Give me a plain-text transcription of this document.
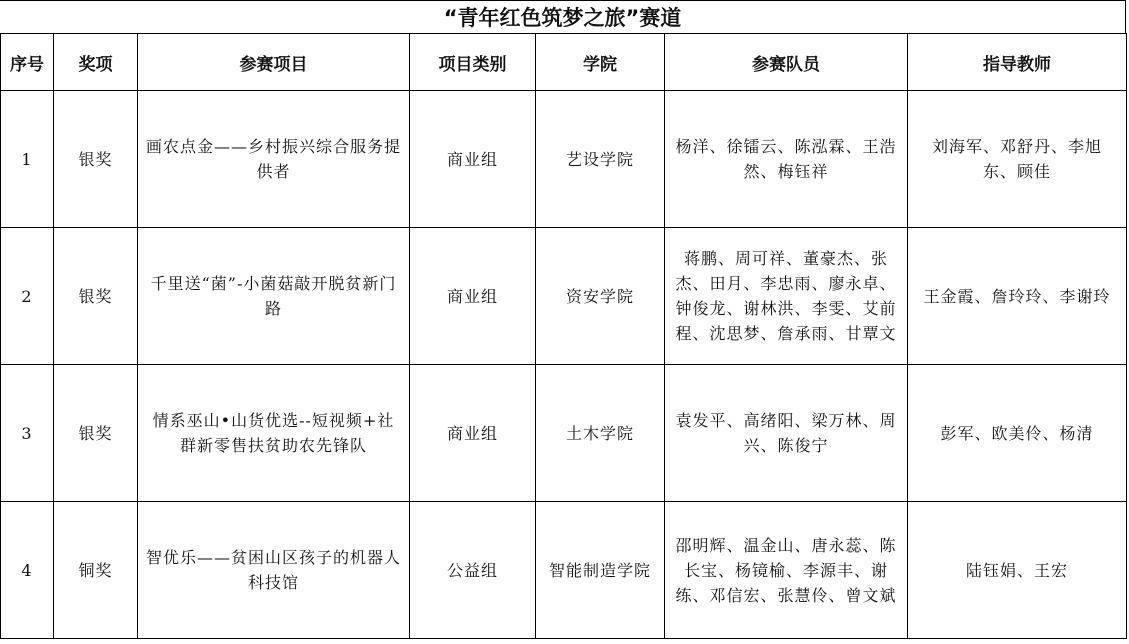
“青年红色筑梦之旅”赛道
序号	奖项	参赛项目	项目类别	学院	参赛队员	指导教师
1	银奖	画农点金——乡村振兴综合服务提供者	商业组	艺设学院	杨洋、徐镭云、陈泓霖、王浩然、梅钰祥	刘海军、邓舒丹、李旭东、顾佳
2	银奖	千里送“菌”-小菌菇敲开脱贫新门路	商业组	资安学院	蒋鹏、周可祥、董豪杰、张杰、田月、李忠雨、廖永卓、钟俊龙、谢林洪、李雯、艾前程、沈思梦、詹承雨、甘覃文	王金霞、詹玲玲、李谢玲
3	银奖	情系巫山•山货优选--短视频+社群新零售扶贫助农先锋队	商业组	土木学院	袁发平、高绪阳、梁万林、周兴、陈俊宁	彭军、欧美伶、杨清
4	铜奖	智优乐——贫困山区孩子的机器人科技馆	公益组	智能制造学院	邵明辉、温金山、唐永蕊、陈长宝、杨镜榆、李源丰、谢练、邓信宏、张慧伶、曾文斌	陆钰娟、王宏
